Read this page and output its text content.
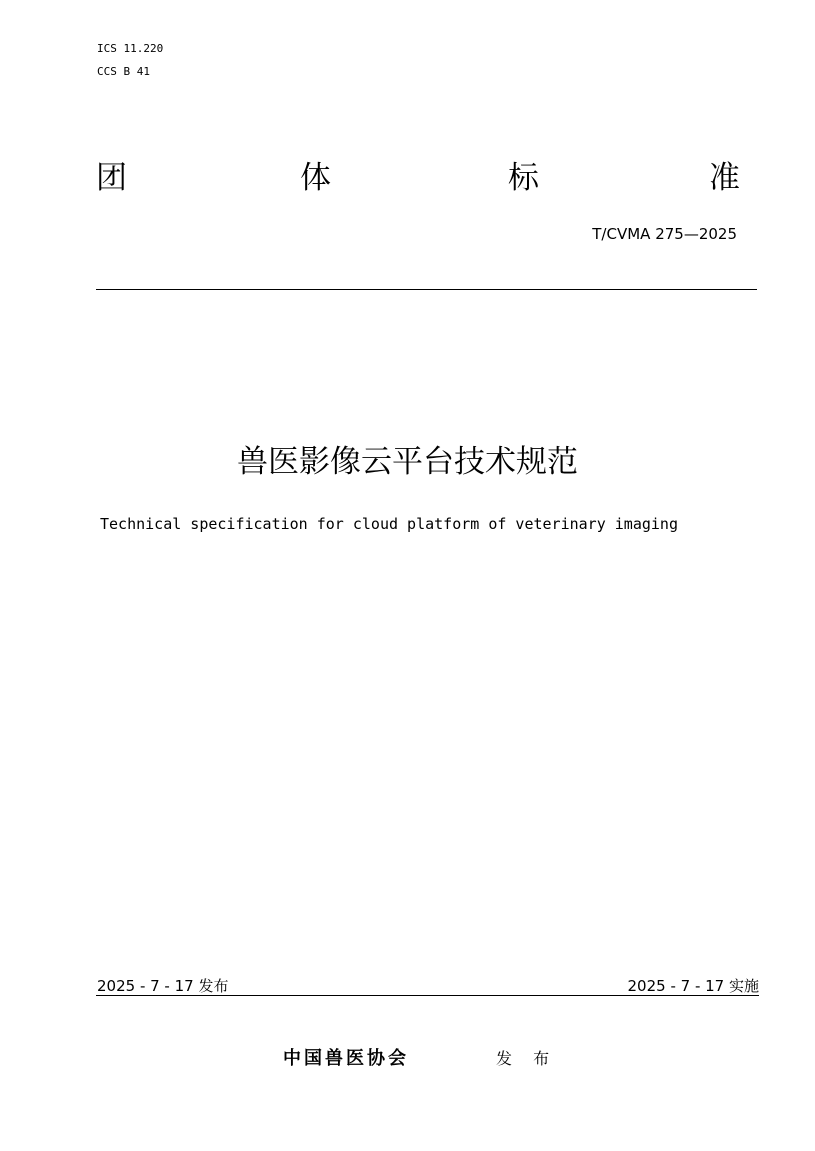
ICS 11.220
CCS B 41
团	体	标	准
T/CVMA 275—2025
兽医影像云平台技术规范
Technical specification for cloud platform of veterinary imaging
2025 - 7 - 17 发布	2025 - 7 - 17 实施
中国兽医协会	发 布
